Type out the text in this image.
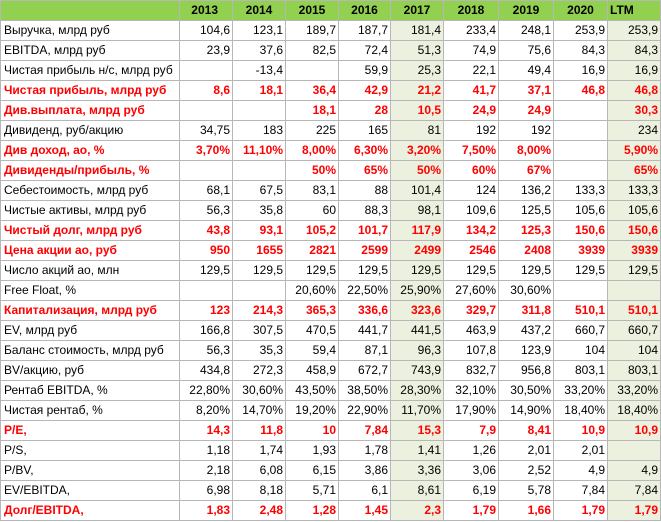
	2013	2014	2015	2016	2017	2018	2019	2020	LTM
Выручка, млрд руб	104,6	123,1	189,7	187,7	181,4	233,4	248,1	253,9	253,9
EBITDA, млрд руб	23,9	37,6	82,5	72,4	51,3	74,9	75,6	84,3	84,3
Чистая прибыль н/с, млрд руб		-13,4		59,9	25,3	22,1	49,4	16,9	16,9
Чистая прибыль, млрд руб	8,6	18,1	36,4	42,9	21,2	41,7	37,1	46,8	46,8
Див.выплата, млрд руб			18,1	28	10,5	24,9	24,9		30,3
Дивиденд, руб/акцию	34,75	183	225	165	81	192	192		234
Див доход, ао, %	3,70%	11,10%	8,00%	6,30%	3,20%	7,50%	8,00%		5,90%
Дивиденды/прибыль, %			50%	65%	50%	60%	67%		65%
Себестоимость, млрд руб	68,1	67,5	83,1	88	101,4	124	136,2	133,3	133,3
Чистые активы, млрд руб	56,3	35,8	60	88,3	98,1	109,6	125,5	105,6	105,6
Чистый долг, млрд руб	43,8	93,1	105,2	101,7	117,9	134,2	125,3	150,6	150,6
Цена акции ао, руб	950	1655	2821	2599	2499	2546	2408	3939	3939
Число акций ао, млн	129,5	129,5	129,5	129,5	129,5	129,5	129,5	129,5	129,5
Free Float, %			20,60%	22,50%	25,90%	27,60%	30,60%		
Капитализация, млрд руб	123	214,3	365,3	336,6	323,6	329,7	311,8	510,1	510,1
EV, млрд руб	166,8	307,5	470,5	441,7	441,5	463,9	437,2	660,7	660,7
Баланс стоимость, млрд руб	56,3	35,3	59,4	87,1	96,3	107,8	123,9	104	104
BV/акцию, руб	434,8	272,3	458,9	672,7	743,9	832,7	956,8	803,1	803,1
Рентаб EBITDA, %	22,80%	30,60%	43,50%	38,50%	28,30%	32,10%	30,50%	33,20%	33,20%
Чистая рентаб, %	8,20%	14,70%	19,20%	22,90%	11,70%	17,90%	14,90%	18,40%	18,40%
P/E,	14,3	11,8	10	7,84	15,3	7,9	8,41	10,9	10,9
P/S,	1,18	1,74	1,93	1,78	1,41	1,26	2,01	2,01	
P/BV,	2,18	6,08	6,15	3,86	3,36	3,06	2,52	4,9	4,9
EV/EBITDA,	6,98	8,18	5,71	6,1	8,61	6,19	5,78	7,84	7,84
Долг/EBITDA,	1,83	2,48	1,28	1,45	2,3	1,79	1,66	1,79	1,79
